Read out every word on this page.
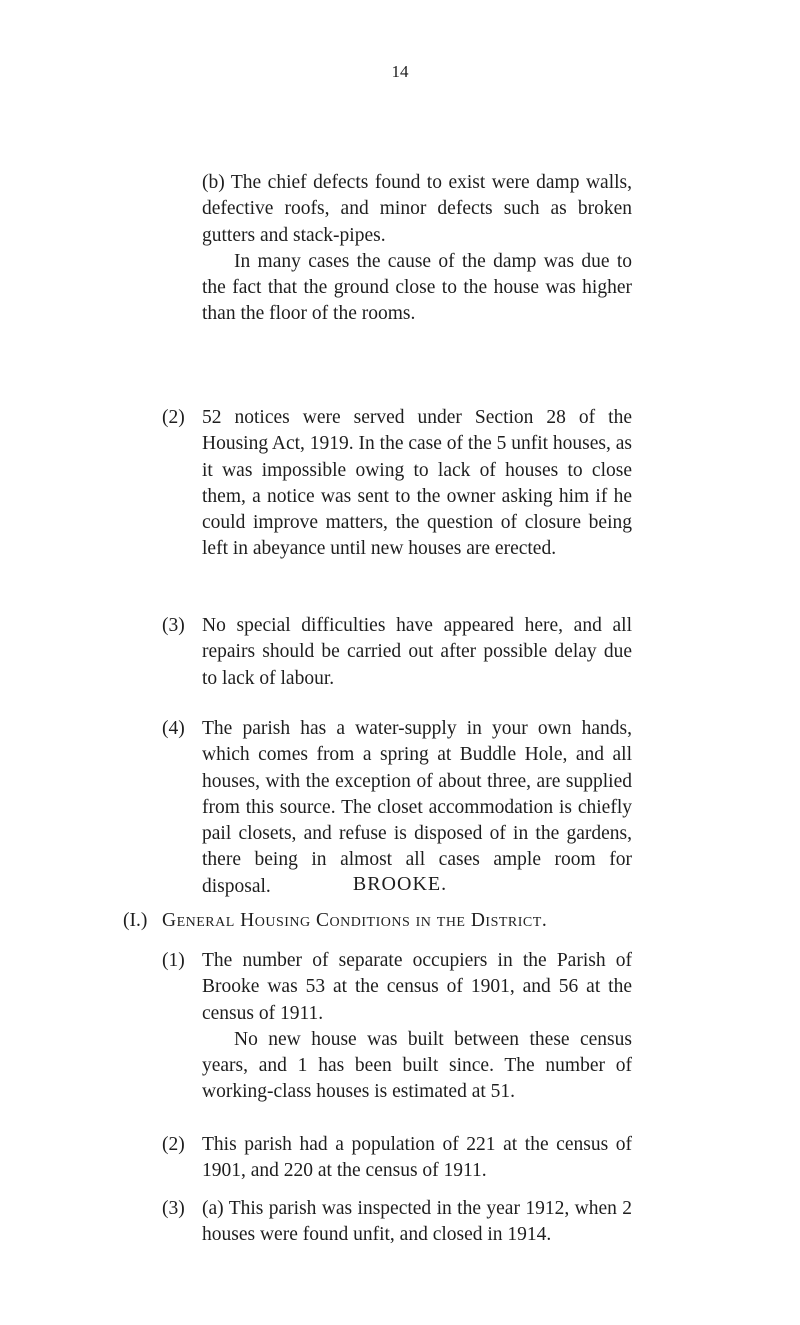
14

(b) The chief defects found to exist were damp walls, defective roofs, and minor defects such as broken gutters and stack-pipes.

In many cases the cause of the damp was due to the fact that the ground close to the house was higher than the floor of the rooms.

(2) 52 notices were served under Section 28 of the Housing Act, 1919. In the case of the 5 unfit houses, as it was impossible owing to lack of houses to close them, a notice was sent to the owner asking him if he could improve matters, the question of closure being left in abeyance until new houses are erected.

(3) No special difficulties have appeared here, and all repairs should be carried out after possible delay due to lack of labour.

(4) The parish has a water-supply in your own hands, which comes from a spring at Buddle Hole, and all houses, with the exception of about three, are supplied from this source. The closet accommodation is chiefly pail closets, and refuse is disposed of in the gardens, there being in almost all cases ample room for disposal.	BROOKE.
(I.) General Housing Conditions in the District.
(1) The number of separate occupiers in the Parish of Brooke was 53 at the census of 1901, and 56 at the census of 1911.

No new house was built between these census years, and 1 has been built since. The number of working-class houses is estimated at 51.

(2) This parish had a population of 221 at the census of 1901, and 220 at the census of 1911.

(3) (a) This parish was inspected in the year 1912, when 2 houses were found unfit, and closed in 1914.
